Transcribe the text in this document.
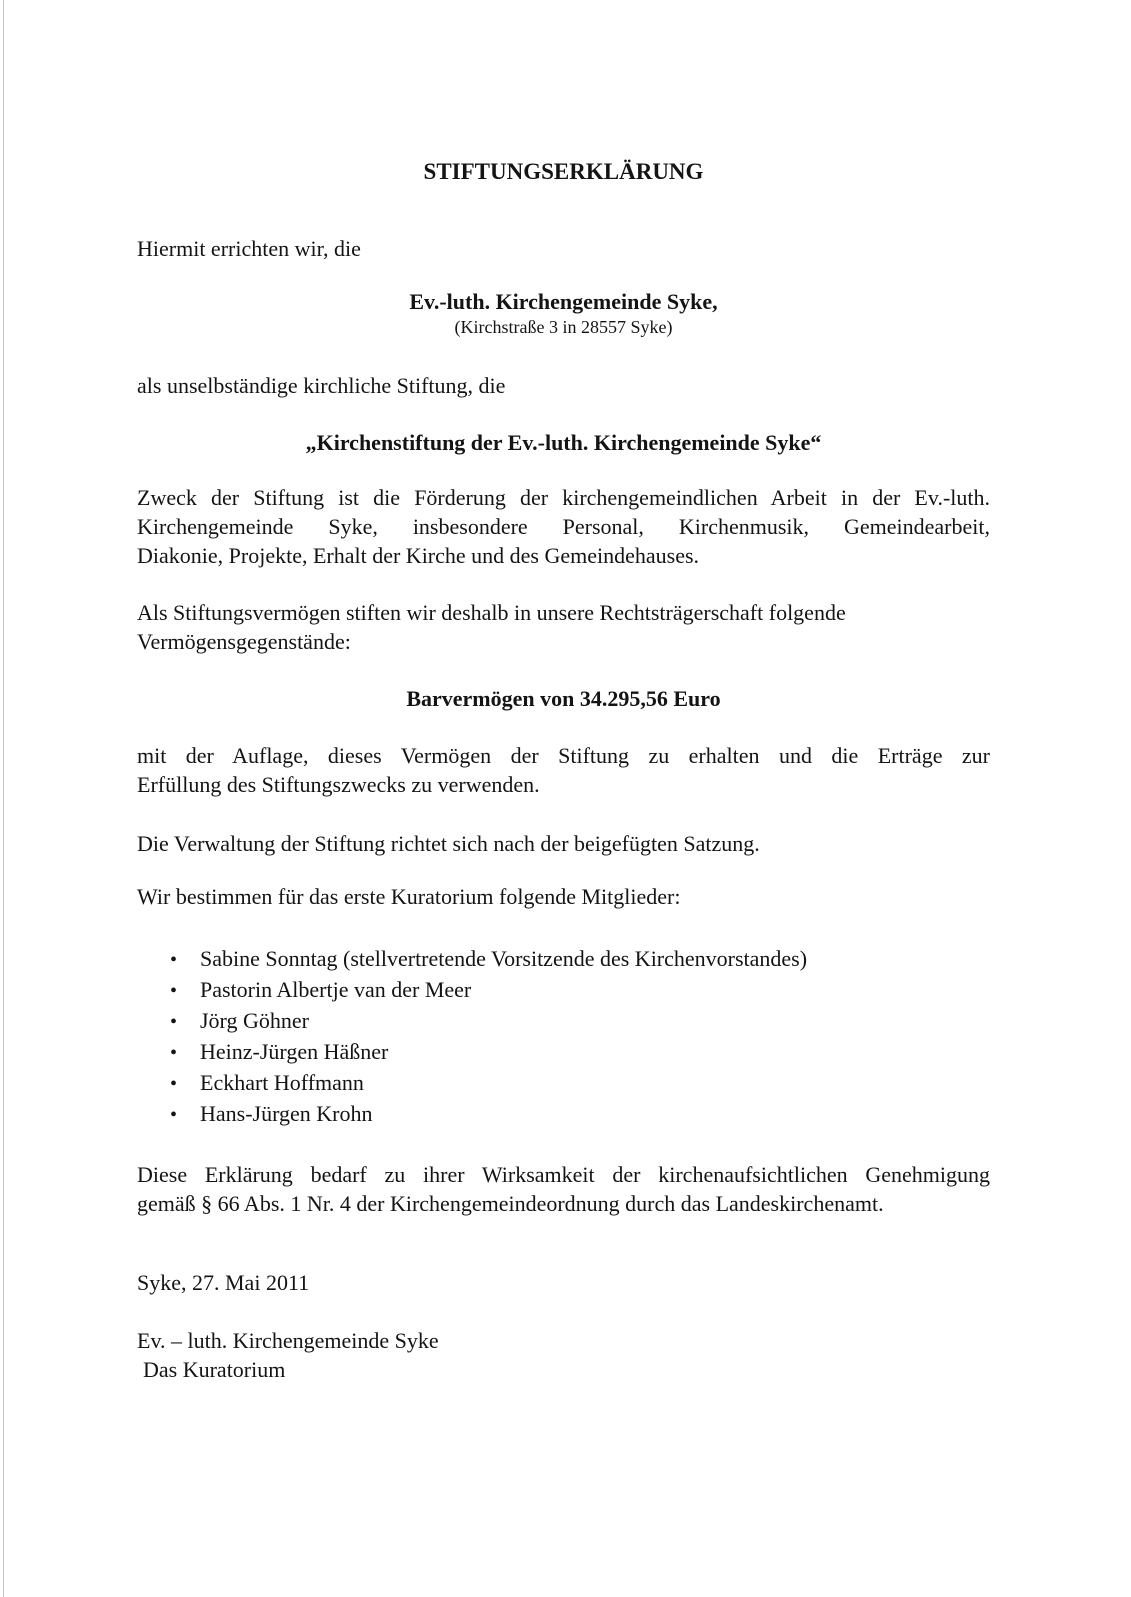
STIFTUNGSERKLÄRUNG
Hiermit errichten wir, die
Ev.-luth. Kirchengemeinde Syke,
(Kirchstraße 3 in 28557 Syke)
als unselbständige kirchliche Stiftung, die
„Kirchenstiftung der Ev.-luth. Kirchengemeinde Syke“
Zweck der Stiftung ist die Förderung der kirchengemeindlichen Arbeit in der Ev.-luth.
Kirchengemeinde Syke, insbesondere Personal, Kirchenmusik, Gemeindearbeit,
Diakonie, Projekte, Erhalt der Kirche und des Gemeindehauses.
Als Stiftungsvermögen stiften wir deshalb in unsere Rechtsträgerschaft folgende
Vermögensgegenstände:
Barvermögen von 34.295,56 Euro
mit der Auflage, dieses Vermögen der Stiftung zu erhalten und die Erträge zur
Erfüllung des Stiftungszwecks zu verwenden.
Die Verwaltung der Stiftung richtet sich nach der beigefügten Satzung.
Wir bestimmen für das erste Kuratorium folgende Mitglieder:
•	Sabine Sonntag (stellvertretende Vorsitzende des Kirchenvorstandes)
•	Pastorin Albertje van der Meer
•	Jörg Göhner
•	Heinz-Jürgen Häßner
•	Eckhart Hoffmann
•	Hans-Jürgen Krohn
Diese Erklärung bedarf zu ihrer Wirksamkeit der kirchenaufsichtlichen Genehmigung
gemäß § 66 Abs. 1 Nr. 4 der Kirchengemeindeordnung durch das Landeskirchenamt.
Syke, 27. Mai 2011
Ev. – luth. Kirchengemeinde Syke
Das Kuratorium
